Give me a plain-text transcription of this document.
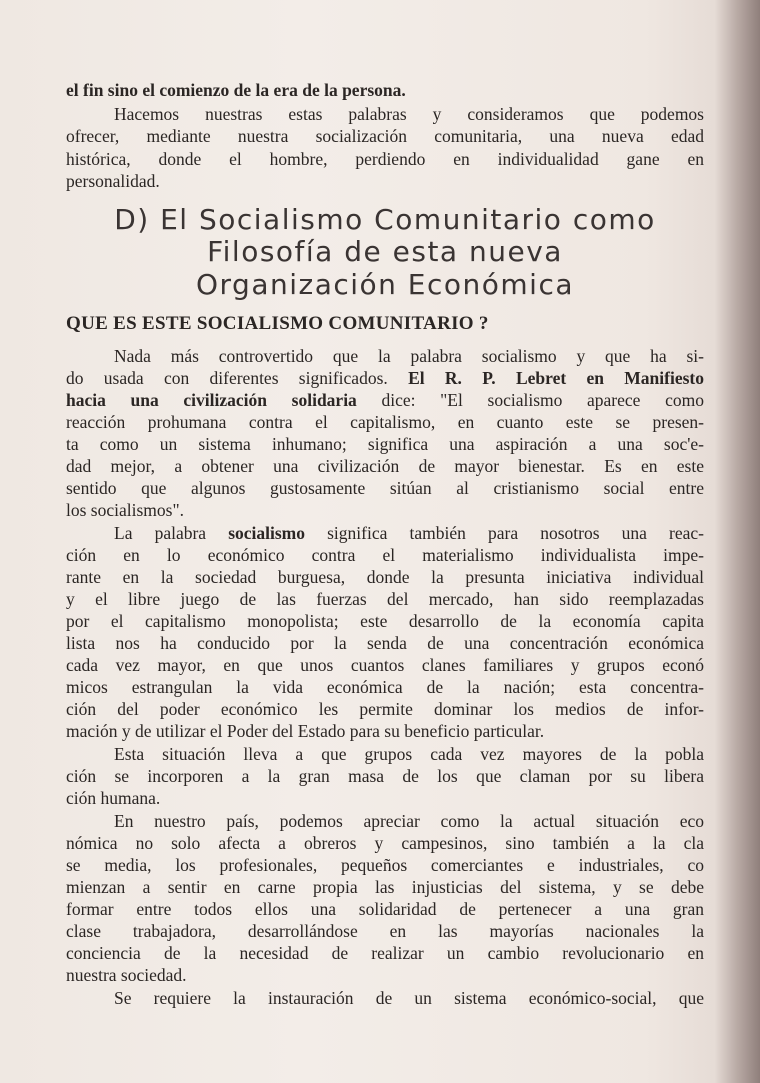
el fin sino el comienzo de la era de la persona.
Hacemos nuestras estas palabras y consideramos que podemos
ofrecer, mediante nuestra socialización comunitaria, una nueva edad
histórica, donde el hombre, perdiendo en individualidad gane en
personalidad.
D) El Socialismo Comunitario como
Filosofía de esta nueva
Organización Económica
QUE ES ESTE SOCIALISMO COMUNITARIO ?
Nada más controvertido que la palabra socialismo y que ha si-
do usada con diferentes significados. El R. P. Lebret en Manifiesto
hacia una civilización solidaria dice: "El socialismo aparece como
reacción prohumana contra el capitalismo, en cuanto este se presen-
ta como un sistema inhumano; significa una aspiración a una soc'e-
dad mejor, a obtener una civilización de mayor bienestar. Es en este
sentido que algunos gustosamente sitúan al cristianismo social entre
los socialismos".
La palabra socialismo significa también para nosotros una reac-
ción en lo económico contra el materialismo individualista impe-
rante en la sociedad burguesa, donde la presunta iniciativa individual
y el libre juego de las fuerzas del mercado, han sido reemplazadas
por el capitalismo monopolista; este desarrollo de la economía capita
lista nos ha conducido por la senda de una concentración económica
cada vez mayor, en que unos cuantos clanes familiares y grupos econó
micos estrangulan la vida económica de la nación; esta concentra-
ción del poder económico les permite dominar los medios de infor-
mación y de utilizar el Poder del Estado para su beneficio particular.
Esta situación lleva a que grupos cada vez mayores de la pobla
ción se incorporen a la gran masa de los que claman por su libera
ción humana.
En nuestro país, podemos apreciar como la actual situación eco
nómica no solo afecta a obreros y campesinos, sino también a la cla
se media, los profesionales, pequeños comerciantes e industriales, co
mienzan a sentir en carne propia las injusticias del sistema, y se debe
formar entre todos ellos una solidaridad de pertenecer a una gran
clase trabajadora, desarrollándose en las mayorías nacionales la
conciencia de la necesidad de realizar un cambio revolucionario en
nuestra sociedad.
Se requiere la instauración de un sistema económico-social, que
